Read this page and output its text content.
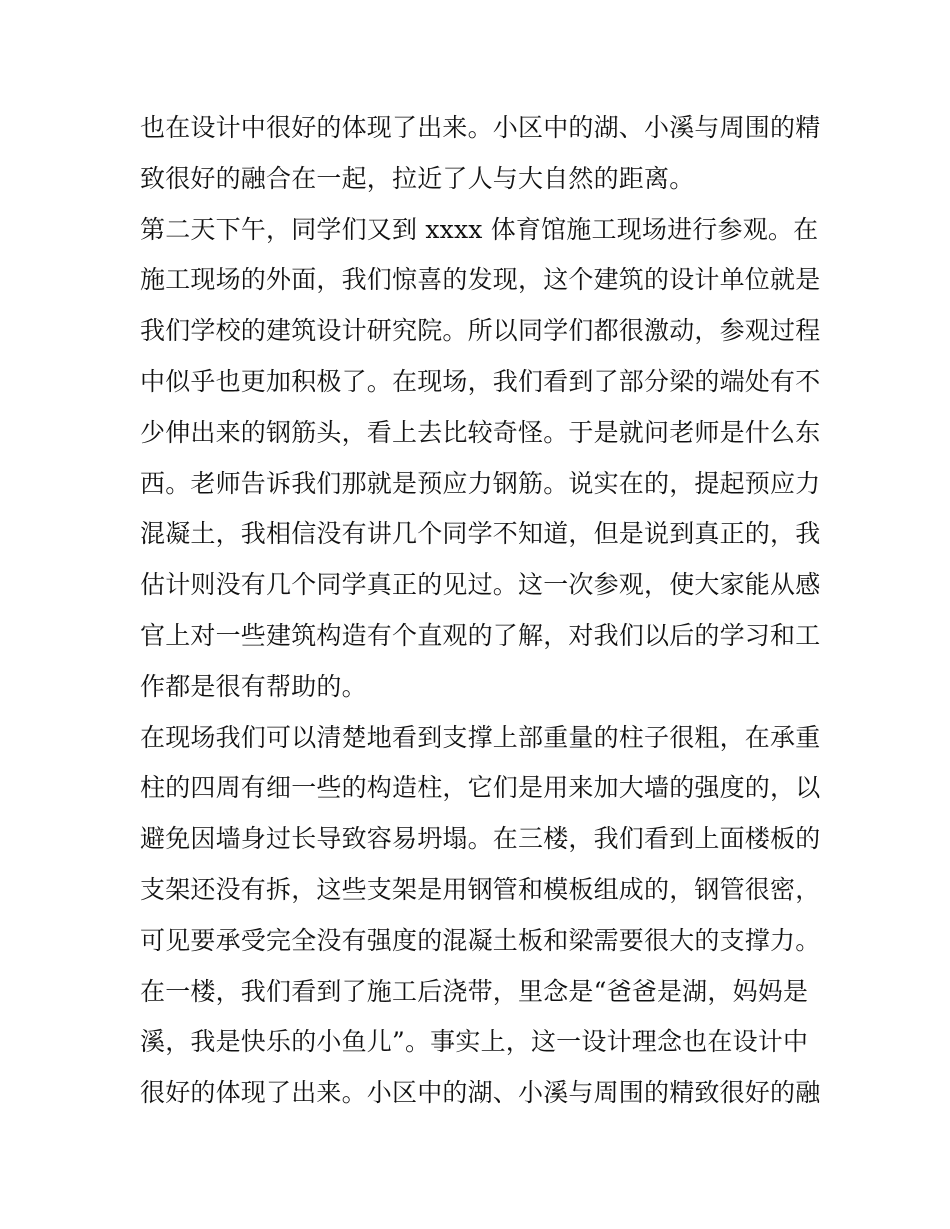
也在设计中很好的体现了出来。小区中的湖、小溪与周围的精
致很好的融合在一起，拉近了人与大自然的距离。
第二天下午，同学们又到 xxxx 体育馆施工现场进行参观。在
施工现场的外面，我们惊喜的发现，这个建筑的设计单位就是
我们学校的建筑设计研究院。所以同学们都很激动，参观过程
中似乎也更加积极了。在现场，我们看到了部分梁的端处有不
少伸出来的钢筋头，看上去比较奇怪。于是就问老师是什么东
西。老师告诉我们那就是预应力钢筋。说实在的，提起预应力
混凝土，我相信没有讲几个同学不知道，但是说到真正的，我
估计则没有几个同学真正的见过。这一次参观，使大家能从感
官上对一些建筑构造有个直观的了解，对我们以后的学习和工
作都是很有帮助的。
在现场我们可以清楚地看到支撑上部重量的柱子很粗，在承重
柱的四周有细一些的构造柱，它们是用来加大墙的强度的，以
避免因墙身过长导致容易坍塌。在三楼，我们看到上面楼板的
支架还没有拆，这些支架是用钢管和模板组成的，钢管很密，
可见要承受完全没有强度的混凝土板和梁需要很大的支撑力。
在一楼，我们看到了施工后浇带，里念是“爸爸是湖，妈妈是
溪，我是快乐的小鱼儿”。事实上，这一设计理念也在设计中
很好的体现了出来。小区中的湖、小溪与周围的精致很好的融
